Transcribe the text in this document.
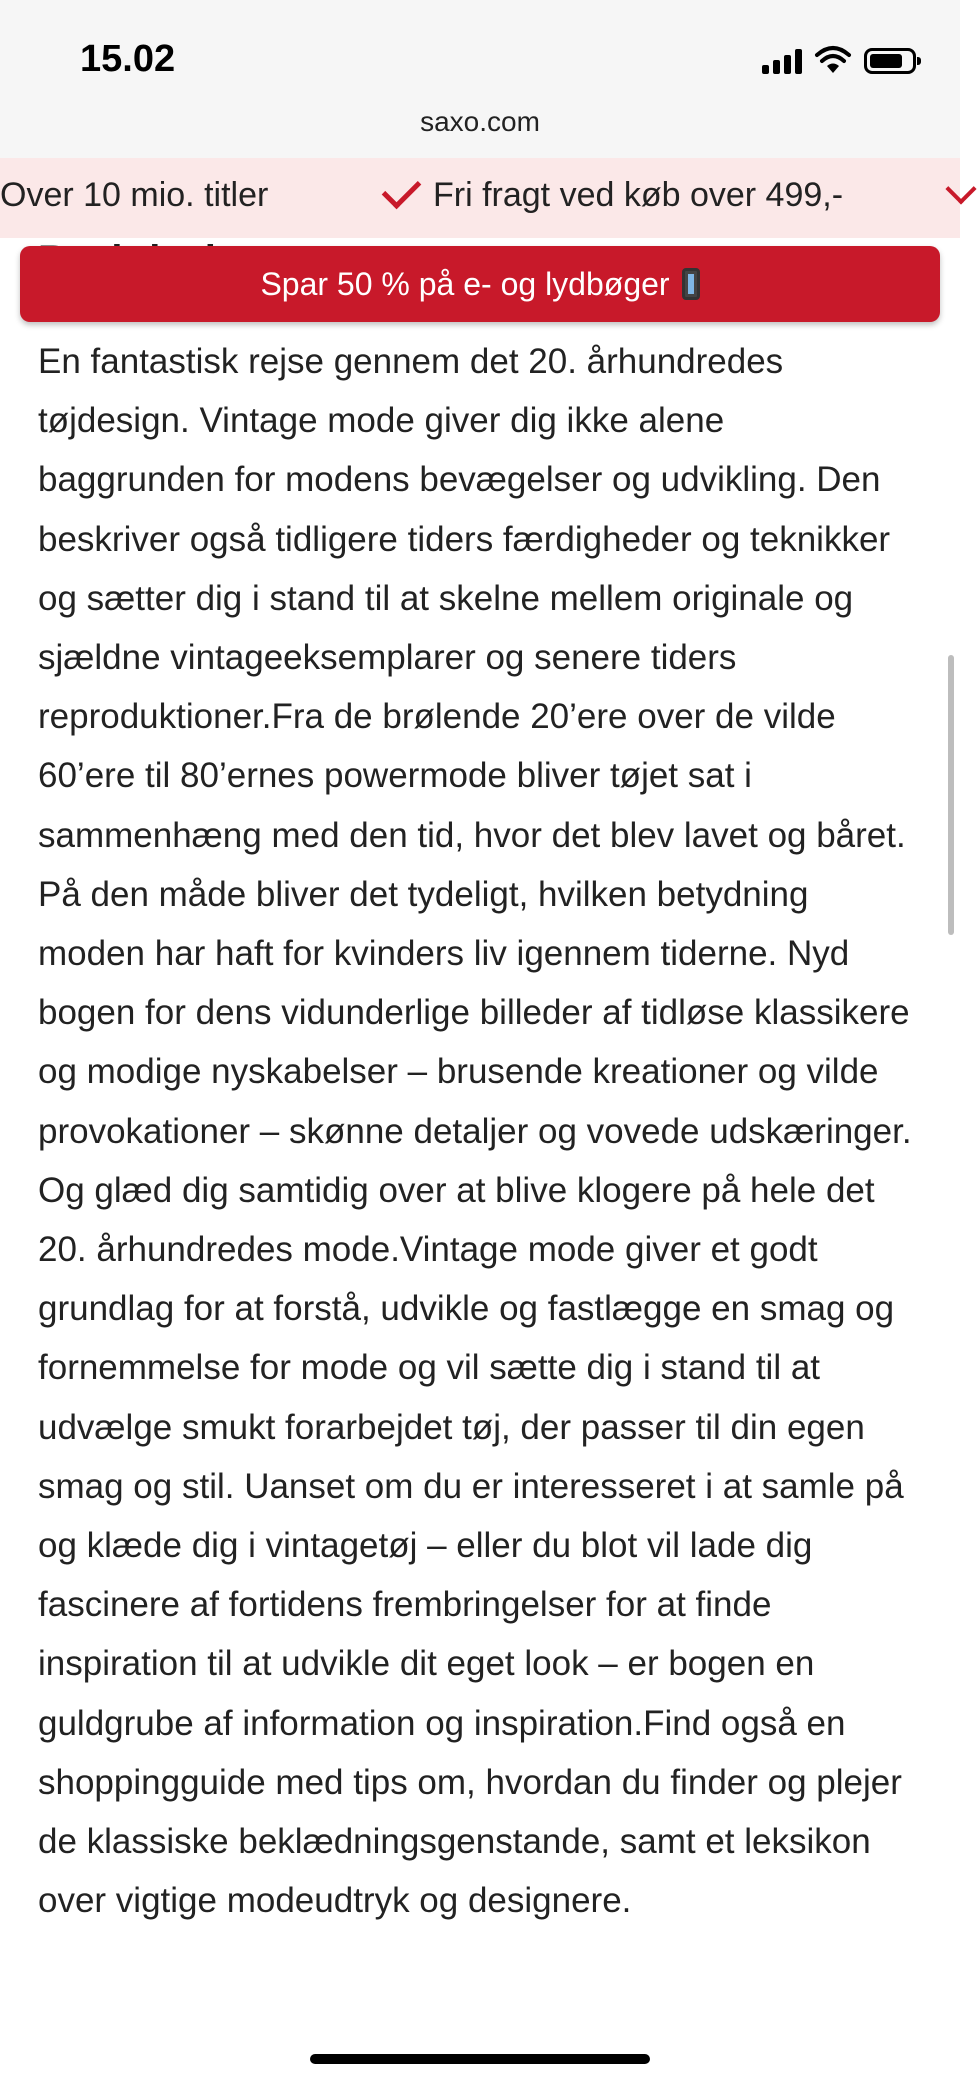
15.02
saxo.com
Over 10 mio. titler	Fri fragt ved køb over 499,-
Spar 50 % på e- og lydbøger

En fantastisk rejse gennem det 20. århundredes tøjdesign. Vintage mode giver dig ikke alene baggrunden for modens bevægelser og udvikling. Den beskriver også tidligere tiders færdigheder og teknikker og sætter dig i stand til at skelne mellem originale og sjældne vintageeksemplarer og senere tiders reproduktioner.Fra de brølende 20’ere over de vilde 60’ere til 80’ernes powermode bliver tøjet sat i sammenhæng med den tid, hvor det blev lavet og båret. På den måde bliver det tydeligt, hvilken betydning moden har haft for kvinders liv igennem tiderne. Nyd bogen for dens vidunderlige billeder af tidløse klassikere og modige nyskabelser – brusende kreationer og vilde provokationer – skønne detaljer og vovede udskæringer. Og glæd dig samtidig over at blive klogere på hele det 20. århundredes mode.Vintage mode giver et godt grundlag for at forstå, udvikle og fastlægge en smag og fornemmelse for mode og vil sætte dig i stand til at udvælge smukt forarbejdet tøj, der passer til din egen smag og stil. Uanset om du er interesseret i at samle på og klæde dig i vintagetøj – eller du blot vil lade dig fascinere af fortidens frembringelser for at finde inspiration til at udvikle dit eget look – er bogen en guldgrube af information og inspiration.Find også en shoppingguide med tips om, hvordan du finder og plejer de klassiske beklædningsgenstande, samt et leksikon over vigtige modeudtryk og designere.
